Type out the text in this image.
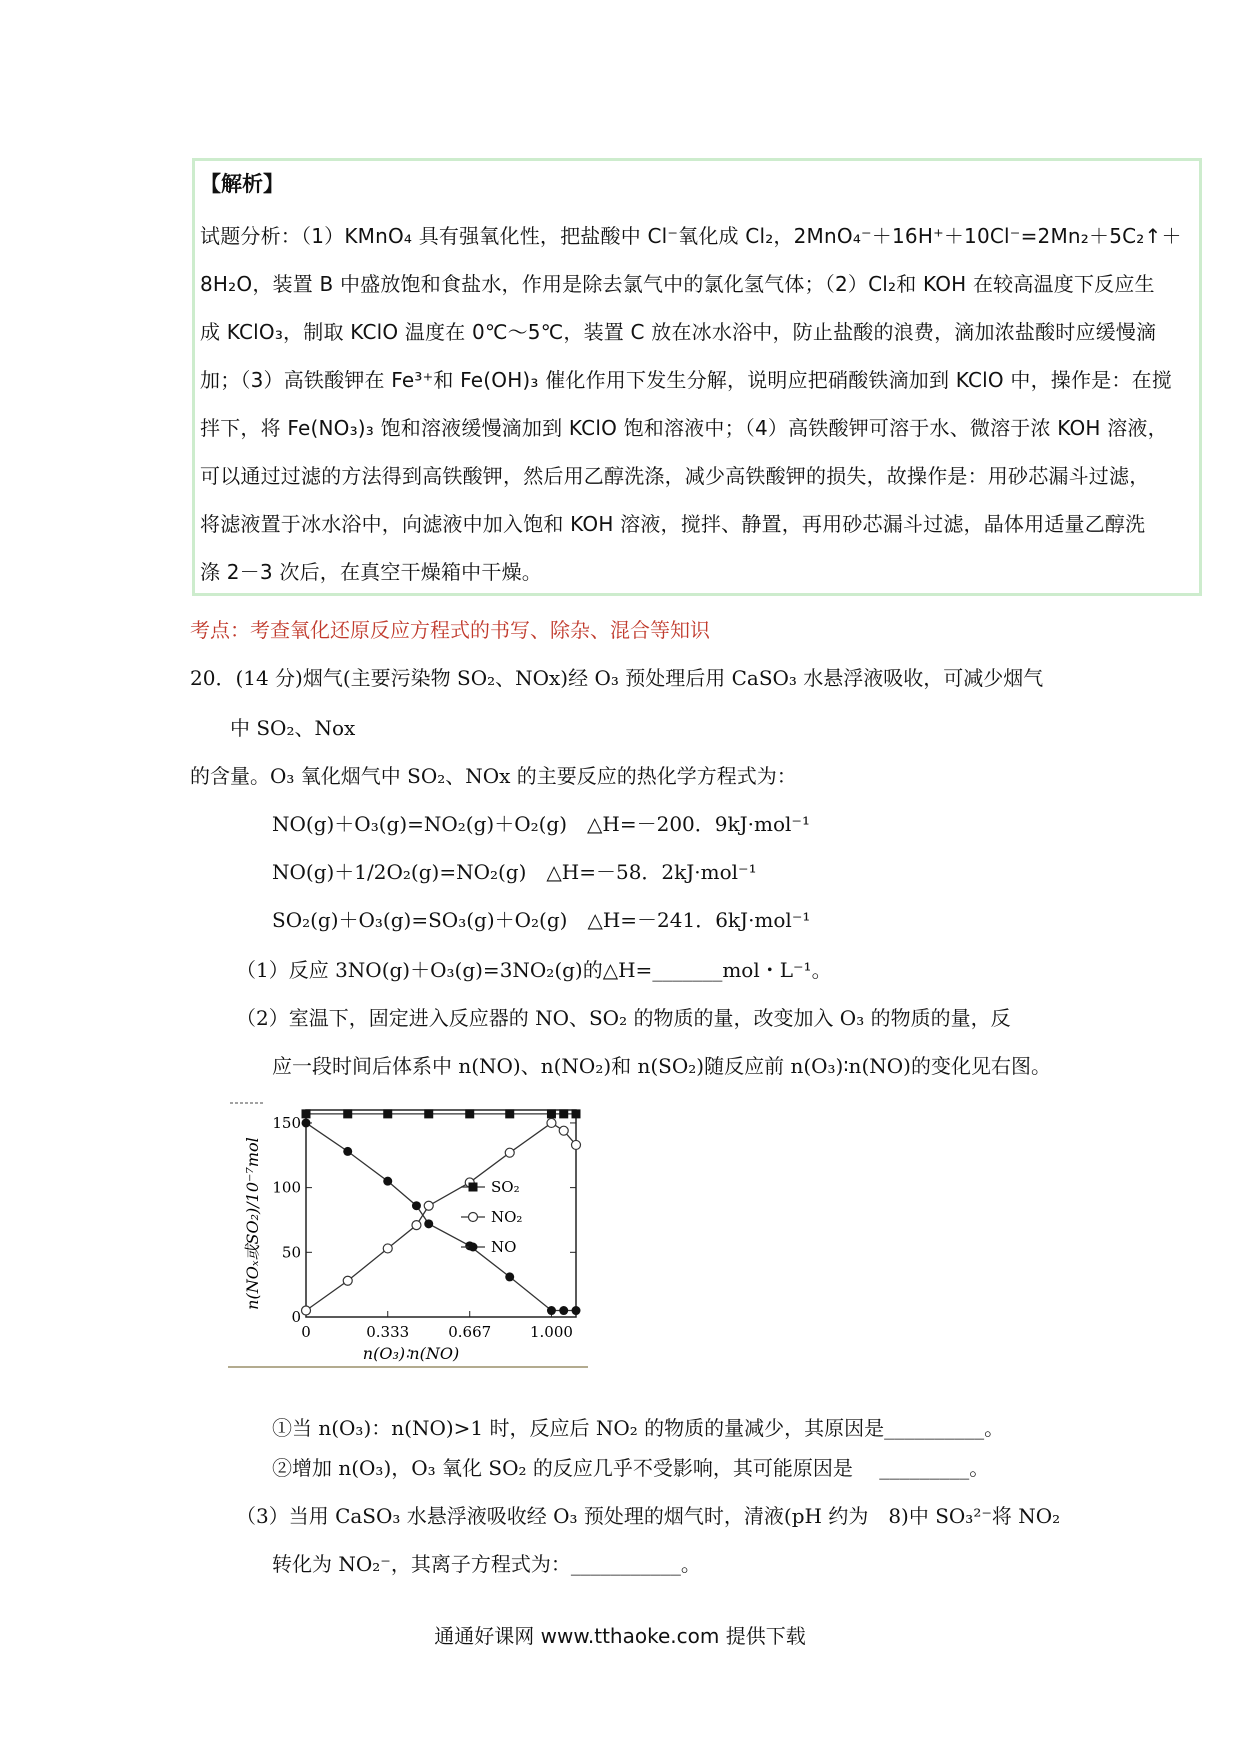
【解析】
试题分析：（1）KMnO₄ 具有强氧化性，把盐酸中 Cl⁻氧化成 Cl₂，2MnO₄⁻＋16H⁺＋10Cl⁻=2Mn₂＋5C₂↑＋
8H₂O，装置 B 中盛放饱和食盐水，作用是除去氯气中的氯化氢气体；（2）Cl₂和 KOH 在较高温度下反应生
成 KClO₃，制取 KClO 温度在 0℃～5℃，装置 C 放在冰水浴中，防止盐酸的浪费，滴加浓盐酸时应缓慢滴
加；（3）高铁酸钾在 Fe³⁺和 Fe(OH)₃ 催化作用下发生分解，说明应把硝酸铁滴加到 KClO 中，操作是：在搅
拌下，将 Fe(NO₃)₃ 饱和溶液缓慢滴加到 KClO 饱和溶液中；（4）高铁酸钾可溶于水、微溶于浓 KOH 溶液，
可以通过过滤的方法得到高铁酸钾，然后用乙醇洗涤，减少高铁酸钾的损失，故操作是：用砂芯漏斗过滤，
将滤液置于冰水浴中，向滤液中加入饱和 KOH 溶液，搅拌、静置，再用砂芯漏斗过滤，晶体用适量乙醇洗
涤 2－3 次后，在真空干燥箱中干燥。
考点：考查氧化还原反应方程式的书写、除杂、混合等知识
20．(14 分)烟气(主要污染物 SO₂、NOx)经 O₃ 预处理后用 CaSO₃ 水悬浮液吸收，可减少烟气
中 SO₂、Nox
的含量。O₃ 氧化烟气中 SO₂、NOx 的主要反应的热化学方程式为：
NO(g)＋O₃(g)=NO₂(g)＋O₂(g)　△H=－200．9kJ·mol⁻¹
NO(g)＋1/2O₂(g)=NO₂(g)　△H=－58．2kJ·mol⁻¹
SO₂(g)＋O₃(g)=SO₃(g)＋O₂(g)　△H=－241．6kJ·mol⁻¹
（1）反应 3NO(g)＋O₃(g)=3NO₂(g)的△H=_______mol・L⁻¹。
（2）室温下，固定进入反应器的 NO、SO₂ 的物质的量，改变加入 O₃ 的物质的量，反
应一段时间后体系中 n(NO)、n(NO₂)和 n(SO₂)随反应前 n(O₃)∶n(NO)的变化见右图。
0
50
100
150
0	0.333	0.667	1.000
n(O₃)∶n(NO)
n(NOₓ或SO₂)/10⁻⁷mol	SO₂
NO₂
NO
①当 n(O₃)：n(NO)>1 时，反应后 NO₂ 的物质的量减少，其原因是__________。
②增加 n(O₃)，O₃ 氧化 SO₂ 的反应几乎不受影响，其可能原因是　 _________。
（3）当用 CaSO₃ 水悬浮液吸收经 O₃ 预处理的烟气时，清液(pH 约为　8)中 SO₃²⁻将 NO₂
转化为 NO₂⁻，其离子方程式为：___________。
通通好课网 www.tthaoke.com 提供下载
